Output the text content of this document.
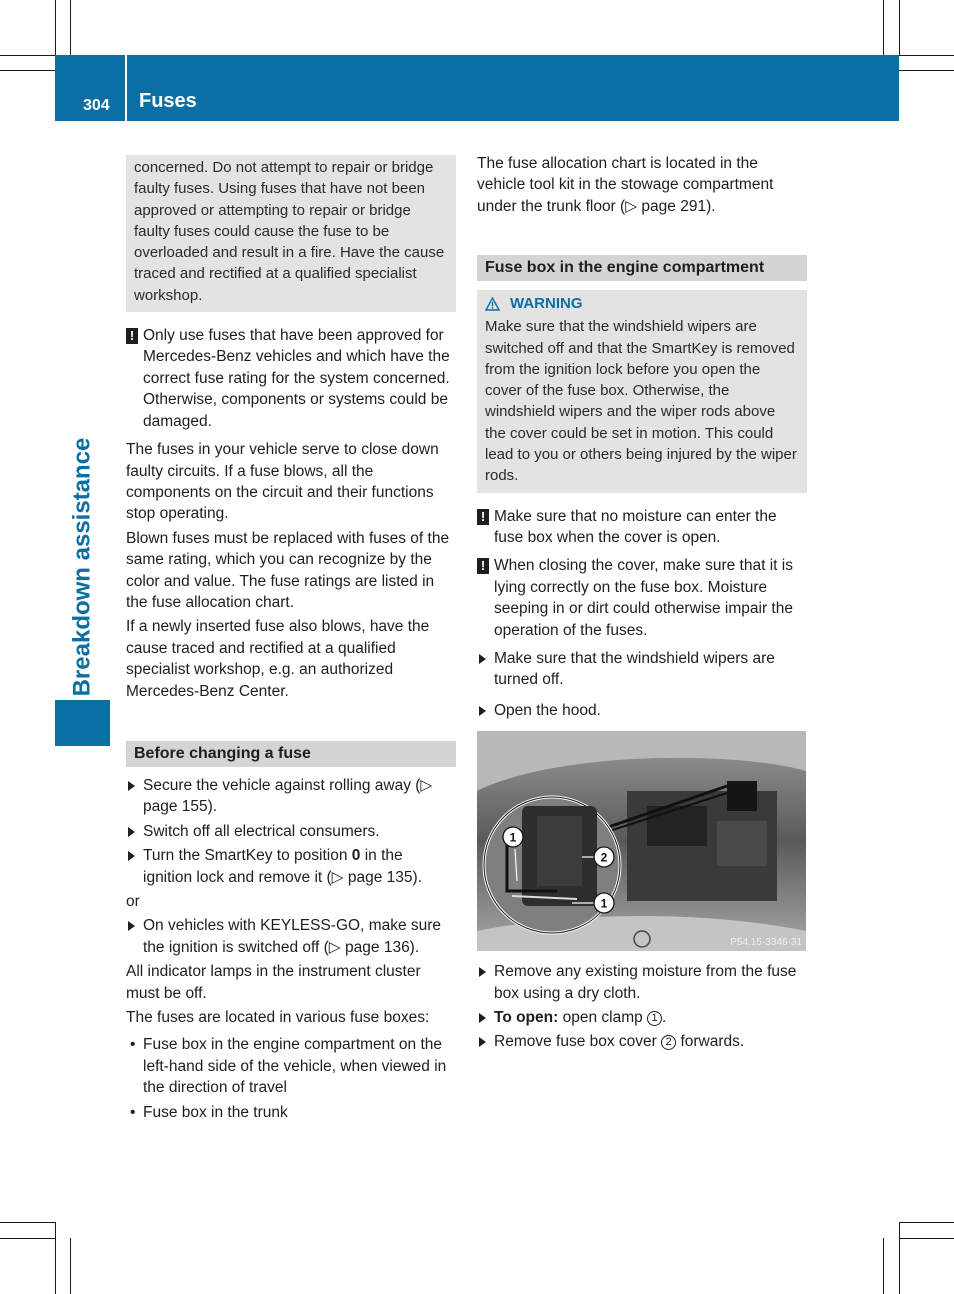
304 Fuses
Breakdown assistance
concerned. Do not attempt to repair or bridge faulty fuses. Using fuses that have not been approved or attempting to repair or bridge faulty fuses could cause the fuse to be overloaded and result in a fire. Have the cause traced and rectified at a qualified specialist workshop.
! Only use fuses that have been approved for Mercedes-Benz vehicles and which have the correct fuse rating for the system concerned. Otherwise, components or systems could be damaged.

The fuses in your vehicle serve to close down faulty circuits. If a fuse blows, all the components on the circuit and their functions stop operating.

Blown fuses must be replaced with fuses of the same rating, which you can recognize by the color and value. The fuse ratings are listed in the fuse allocation chart.

If a newly inserted fuse also blows, have the cause traced and rectified at a qualified specialist workshop, e.g. an authorized Mercedes-Benz Center.

Before changing a fuse
Secure the vehicle against rolling away (▷ page 155).
Switch off all electrical consumers.
Turn the SmartKey to position 0 in the ignition lock and remove it (▷ page 135).

or

On vehicles with KEYLESS-GO, make sure the ignition is switched off (▷ page 136).

All indicator lamps in the instrument cluster must be off.

The fuses are located in various fuse boxes:

• Fuse box in the engine compartment on the left-hand side of the vehicle, when viewed in the direction of travel
• Fuse box in the trunk

The fuse allocation chart is located in the vehicle tool kit in the stowage compartment under the trunk floor (▷ page 291).

Fuse box in the engine compartment
WARNING
Make sure that the windshield wipers are switched off and that the SmartKey is removed from the ignition lock before you open the cover of the fuse box. Otherwise, the windshield wipers and the wiper rods above the cover could be set in motion. This could lead to you or others being injured by the wiper rods.
! Make sure that no moisture can enter the fuse box when the cover is open.
! When closing the cover, make sure that it is lying correctly on the fuse box. Moisture seeping in or dirt could otherwise impair the operation of the fuses.
Make sure that the windshield wipers are turned off.
Open the hood.
1
2
1
P54.15-3346-31
Remove any existing moisture from the fuse box using a dry cloth.
To open: open clamp 1 .
Remove fuse box cover 2 forwards.
